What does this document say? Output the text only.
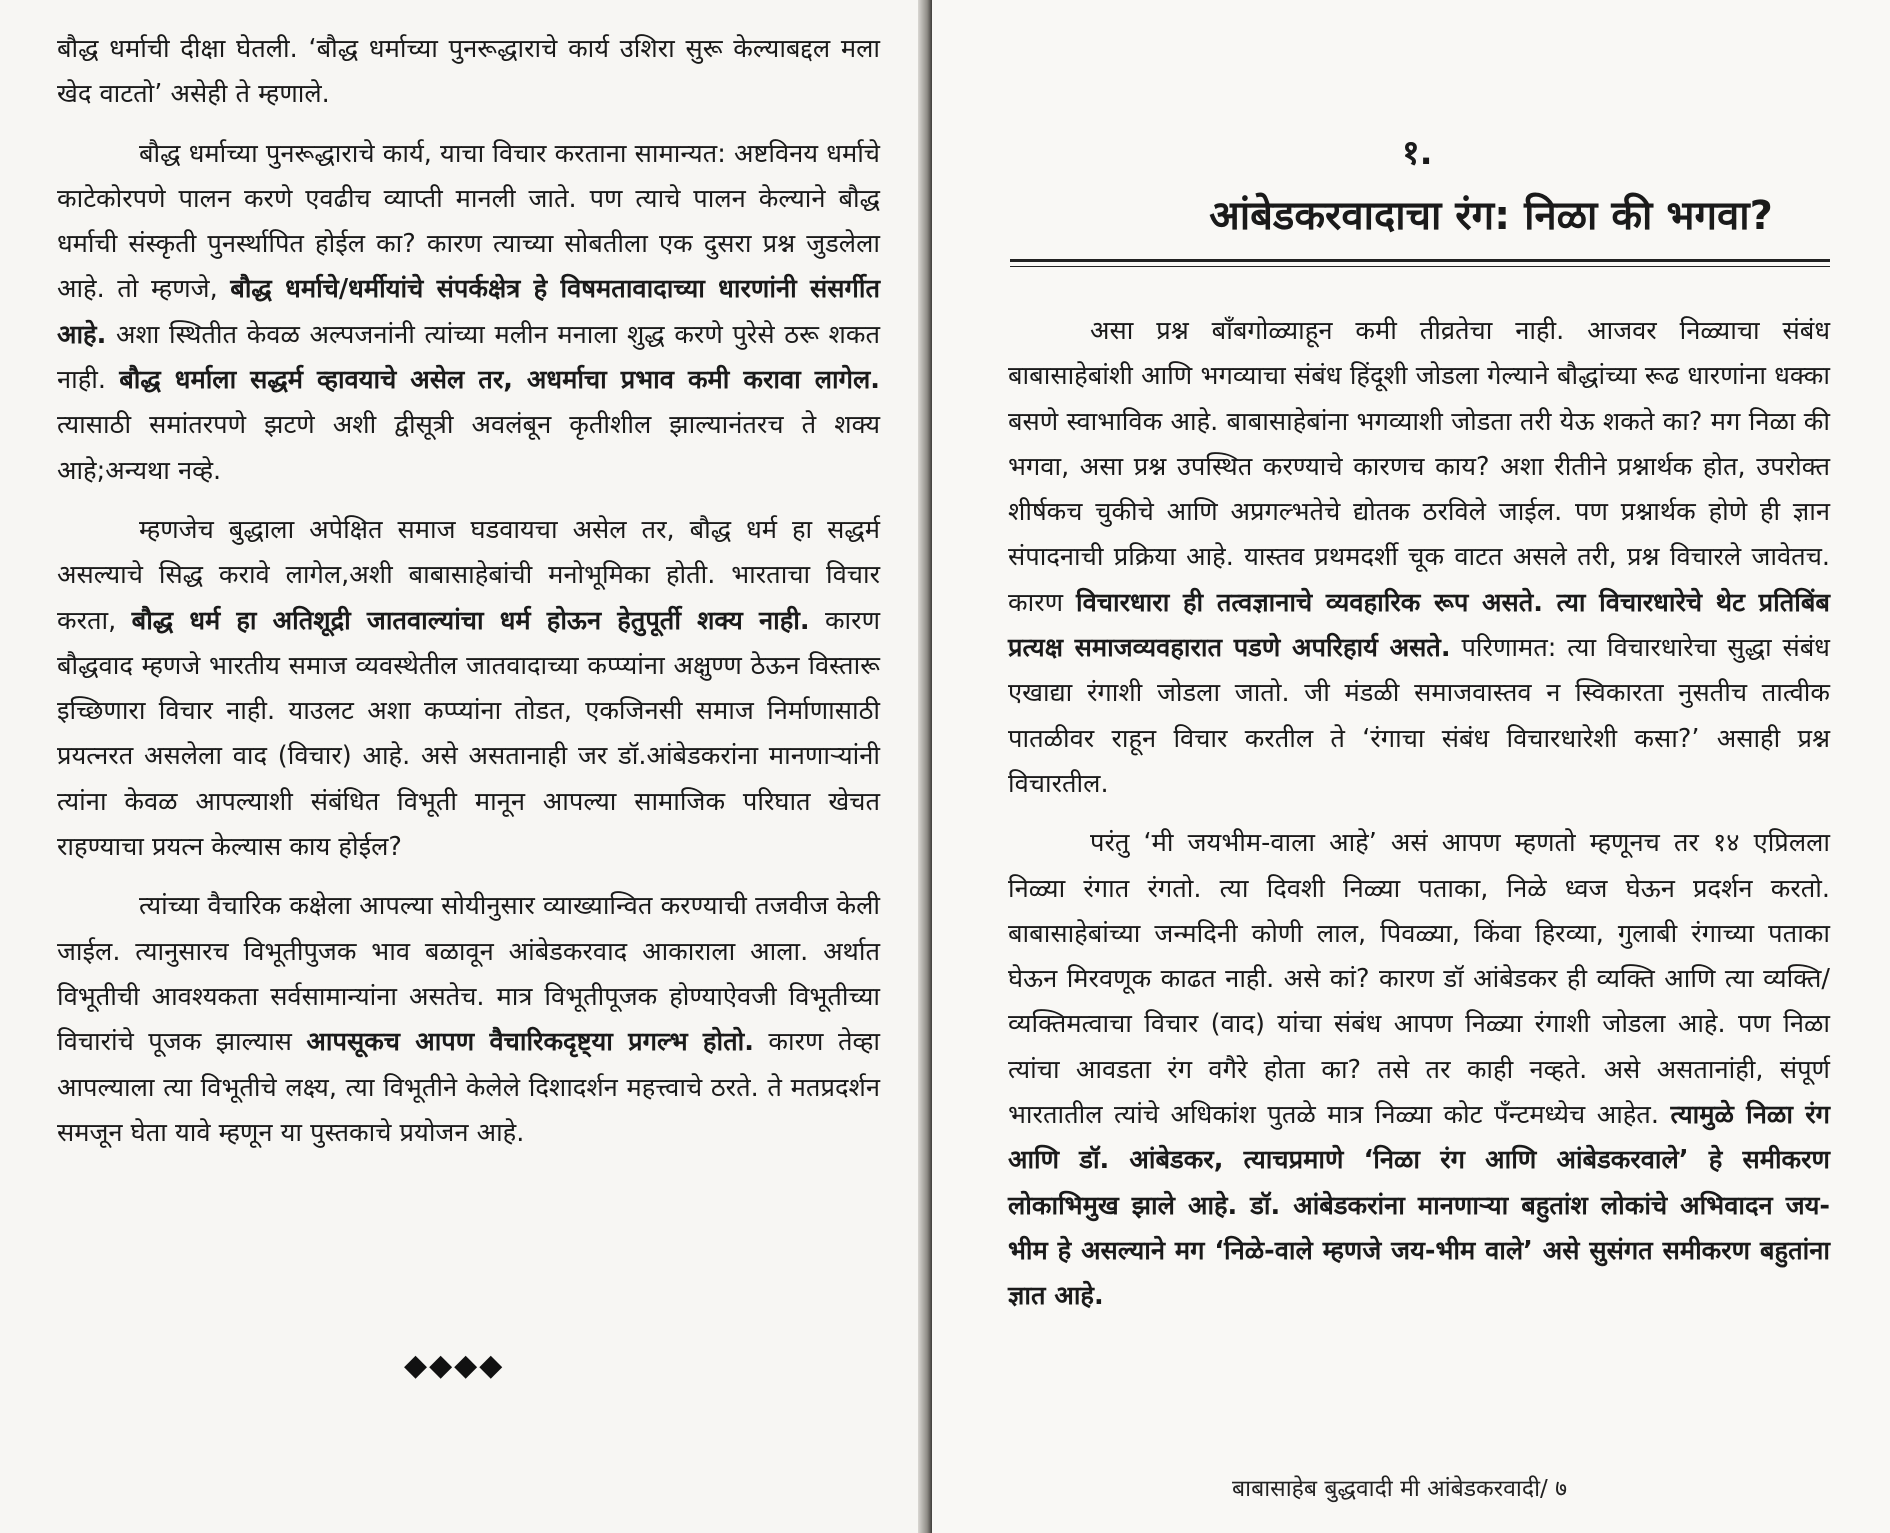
बौद्ध धर्माची दीक्षा घेतली. ‘बौद्ध धर्माच्या पुनरूद्धाराचे कार्य उशिरा सुरू केल्याबद्दल मला खेद वाटतो’ असेही ते म्हणाले.

बौद्ध धर्माच्या पुनरूद्धाराचे कार्य, याचा विचार करताना सामान्यत: अष्टविनय धर्माचे काटेकोरपणे पालन करणे एवढीच व्याप्ती मानली जाते. पण त्याचे पालन केल्याने बौद्ध धर्माची संस्कृती पुनर्स्थापित होईल का? कारण त्याच्या सोबतीला एक दुसरा प्रश्न जुडलेला आहे. तो म्हणजे, बौद्ध धर्माचे/धर्मीयांचे संपर्कक्षेत्र हे विषमतावादाच्या धारणांनी संसर्गीत आहे. अशा स्थितीत केवळ अल्पजनांनी त्यांच्या मलीन मनाला शुद्ध करणे पुरेसे ठरू शकत नाही. बौद्ध धर्माला सद्धर्म व्हावयाचे असेल तर, अधर्माचा प्रभाव कमी करावा लागेल. त्यासाठी समांतरपणे झटणे अशी द्वीसूत्री अवलंबून कृतीशील झाल्यानंतरच ते शक्य आहे;अन्यथा नव्हे.

म्हणजेच बुद्धाला अपेक्षित समाज घडवायचा असेल तर, बौद्ध धर्म हा सद्धर्म असल्याचे सिद्ध करावे लागेल,अशी बाबासाहेबांची मनोभूमिका होती. भारताचा विचार करता, बौद्ध धर्म हा अतिशूद्री जातवाल्यांचा धर्म होऊन हेतुपूर्ती शक्य नाही. कारण बौद्धवाद म्हणजे भारतीय समाज व्यवस्थेतील जातवादाच्या कप्प्यांना अक्षुण्ण ठेऊन विस्तारू इच्छिणारा विचार नाही. याउलट अशा कप्प्यांना तोडत, एकजिनसी समाज निर्माणासाठी प्रयत्नरत असलेला वाद (विचार) आहे. असे असतानाही जर डॉ.आंबेडकरांना मानणाऱ्यांनी त्यांना केवळ आपल्याशी संबंधित विभूती मानून आपल्या सामाजिक परिघात खेचत राहण्याचा प्रयत्न केल्यास काय होईल?

त्यांच्या वैचारिक कक्षेला आपल्या सोयीनुसार व्याख्यान्वित करण्याची तजवीज केली जाईल. त्यानुसारच विभूतीपुजक भाव बळावून आंबेडकरवाद आकाराला आला. अर्थात विभूतीची आवश्यकता सर्वसामान्यांना असतेच. मात्र विभूतीपूजक होण्याऐवजी विभूतीच्या विचारांचे पूजक झाल्यास आपसूकच आपण वैचारिकदृष्ट्या प्रगल्भ होतो. कारण तेव्हा आपल्याला त्या विभूतीचे लक्ष्य, त्या विभूतीने केलेले दिशादर्शन महत्त्वाचे ठरते. ते मतप्रदर्शन समजून घेता यावे म्हणून या पुस्तकाचे प्रयोजन आहे.

◆◆◆◆
१.
आंबेडकरवादाचा रंग: निळा की भगवा?

असा प्रश्न बाँबगोळ्याहून कमी तीव्रतेचा नाही. आजवर निळ्याचा संबंध बाबासाहेबांशी आणि भगव्याचा संबंध हिंदूशी जोडला गेल्याने बौद्धांच्या रूढ धारणांना धक्का बसणे स्वाभाविक आहे. बाबासाहेबांना भगव्याशी जोडता तरी येऊ शकते का? मग निळा की भगवा, असा प्रश्न उपस्थित करण्याचे कारणच काय? अशा रीतीने प्रश्नार्थक होत, उपरोक्त शीर्षकच चुकीचे आणि अप्रगल्भतेचे द्योतक ठरविले जाईल. पण प्रश्नार्थक होणे ही ज्ञान संपादनाची प्रक्रिया आहे. यास्तव प्रथमदर्शी चूक वाटत असले तरी, प्रश्न विचारले जावेतच. कारण विचारधारा ही तत्वज्ञानाचे व्यवहारिक रूप असते. त्या विचारधारेचे थेट प्रतिबिंब प्रत्यक्ष समाजव्यवहारात पडणे अपरिहार्य असते. परिणामत: त्या विचारधारेचा सुद्धा संबंध एखाद्या रंगाशी जोडला जातो. जी मंडळी समाजवास्तव न स्विकारता नुसतीच तात्वीक पातळीवर राहून विचार करतील ते ‘रंगाचा संबंध विचारधारेशी कसा?’ असाही प्रश्न विचारतील.

परंतु ‘मी जयभीम-वाला आहे’ असं आपण म्हणतो म्हणूनच तर १४ एप्रिलला निळ्या रंगात रंगतो. त्या दिवशी निळ्या पताका, निळे ध्वज घेऊन प्रदर्शन करतो. बाबासाहेबांच्या जन्मदिनी कोणी लाल, पिवळ्या, किंवा हिरव्या, गुलाबी रंगाच्या पताका घेऊन मिरवणूक काढत नाही. असे कां? कारण डॉ आंबेडकर ही व्यक्ति आणि त्या व्यक्ति/व्यक्तिमत्वाचा विचार (वाद) यांचा संबंध आपण निळ्या रंगाशी जोडला आहे. पण निळा त्यांचा आवडता रंग वगैरे होता का? तसे तर काही नव्हते. असे असतानांही, संपूर्ण भारतातील त्यांचे अधिकांश पुतळे मात्र निळ्या कोट पॅंन्टमध्येच आहेत. त्यामुळे निळा रंग आणि डॉ. आंबेडकर, त्याचप्रमाणे ‘निळा रंग आणि आंबेडकरवाले’ हे समीकरण लोकाभिमुख झाले आहे. डॉ. आंबेडकरांना मानणाऱ्या बहुतांश लोकांचे अभिवादन जय-भीम हे असल्याने मग ‘निळे-वाले म्हणजे जय-भीम वाले’ असे सुसंगत समीकरण बहुतांना ज्ञात आहे.

बाबासाहेब बुद्धवादी मी आंबेडकरवादी/ ७
